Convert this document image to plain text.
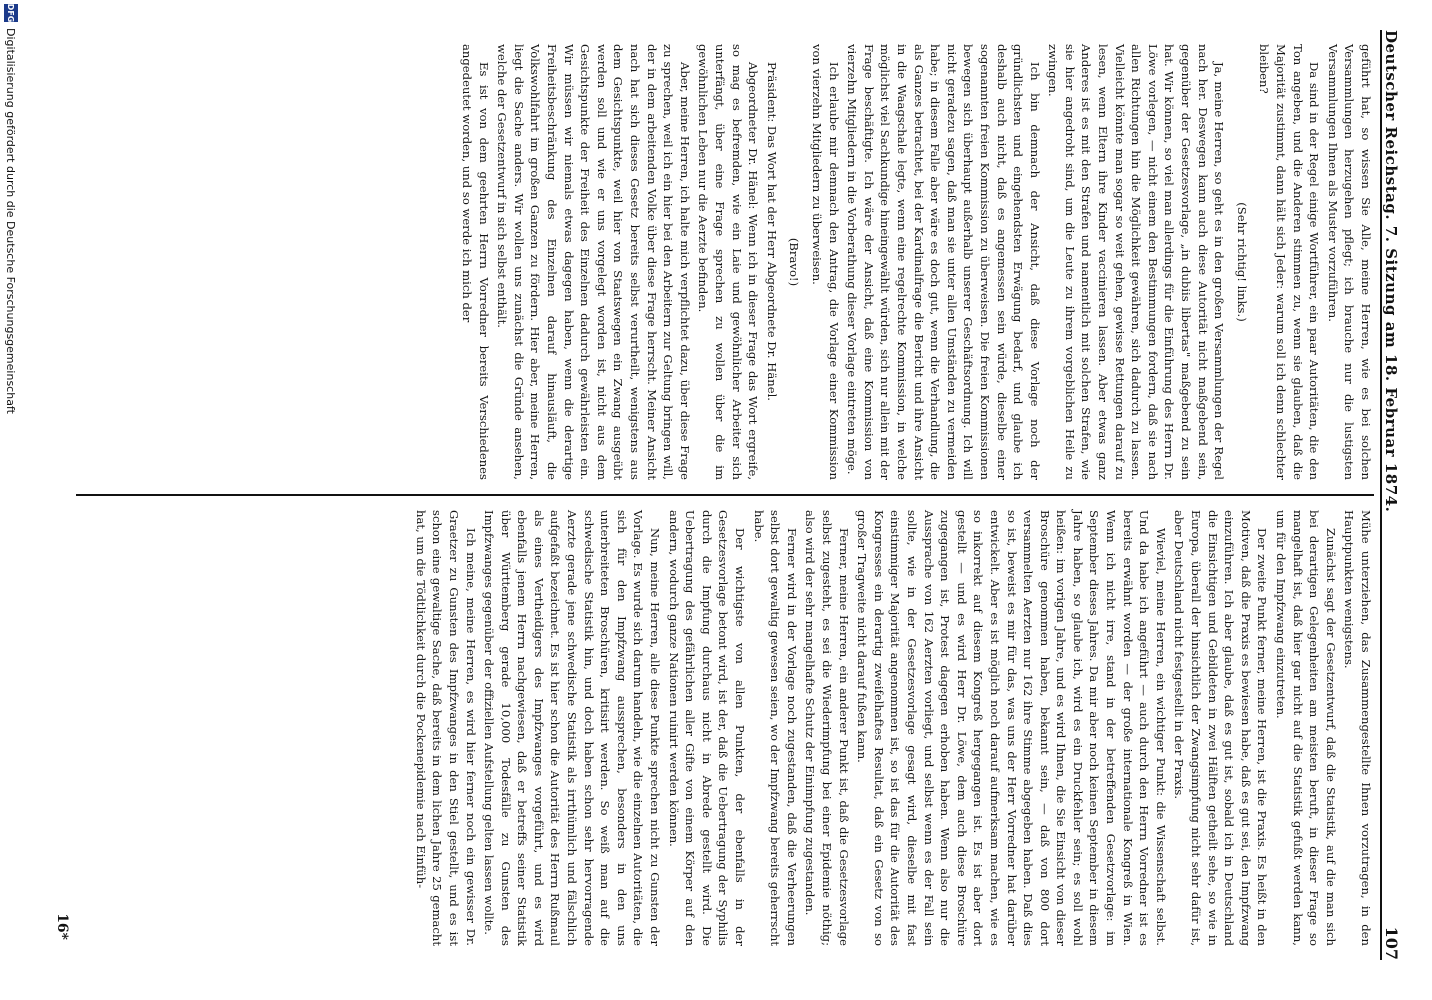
Deutscher Reichstag. 7. Sitzung am 18. Februar 1874.
107

geführt hat, so wissen Sie Alle, meine Herren, wie es bei solchen Versammlungen herzugehen pflegt; ich brauche nur die lustigsten Versammlungen Ihnen als Muster vorzuführen.

Da sind in der Regel einige Wortführer, ein paar Autoritäten, die den Ton angeben, und die Anderen stimmen zu, wenn sie glauben, daß die Majorität zustimmt, dann hält sich Jeder: warum soll ich denn schlechter bleiben?

(Sehr richtig! links.)

Ja, meine Herren, so geht es in den großen Versammlungen der Regel nach her. Deswegen kann auch diese Autorität nicht maßgebend sein, gegenüber der Gesetzesvorlage, „in dubiis libertas" maßgebend zu sein hat. Wir können, so viel man allerdings für die Einführung des Herrn Dr. Löwe vorlegen, — nicht einem den Bestimmungen fordern, daß sie nach allen Richtungen hin die Möglichkeit gewähren, sich dadurch zu lassen. Vielleicht könnte man sogar so weit gehen, gewisse Rettungen darauf zu lesen, wenn Eltern ihre Kinder vaccinieren lassen. Aber etwas ganz Anderes ist es mit den Strafen und namentlich mit solchen Strafen, wie sie hier angedroht sind, um die Leute zu ihrem vorgeblichen Heile zu zwingen.

Ich bin demnach der Ansicht, daß diese Vorlage noch der gründlichsten und eingehendsten Erwägung bedarf, und glaube ich deshalb auch nicht, daß es angemessen sein würde, dieselbe einer sogenannten freien Kommission zu überweisen. Die freien Kommissionen bewegen sich überhaupt außerhalb unserer Geschäftsordnung. Ich will nicht geradezu sagen, daß man sie unter allen Umständen zu vermeiden habe; in diesem Falle aber wäre es doch gut, wenn die Verhandlung, die als Ganzes betrachtet, bei der Kardinalfrage die Bericht und ihre Ansicht in die Waagschale legte, wenn eine regelrechte Kommission, in welche möglichst viel Sachkundige hineingewählt würden, sich nur allein mit der Frage beschäftigte. Ich wäre der Ansicht, daß eine Kommission von vierzehn Mitgliedern in die Vorberathung dieser Vorlage eintreten möge.

Ich erlaube mir demnach den Antrag, die Vorlage einer Kommission von vierzehn Mitgliedern zu überweisen.

(Bravo!)

Präsident: Das Wort hat der Herr Abgeordnete Dr. Hänel.

Abgeordneter Dr. Hänel: Wenn ich in dieser Frage das Wort ergreife, so mag es befremden, wie ein Laie und gewöhnlicher Arbeiter sich unterfängt, über eine Frage sprechen zu wollen über die im gewöhnlichen Leben nur die Aerzte befinden.

Aber, meine Herren, ich halte mich verpflichtet dazu, über diese Frage zu sprechen, weil ich ein hier bei den Arbeitern zur Geltung bringen will, der in dem arbeitenden Volke über diese Frage herrscht. Meiner Ansicht nach hat sich dieses Gesetz bereits selbst verurtheilt, wenigstens aus dem Gesichtspunkte, weil hier von Staatswegen ein Zwang ausgeübt werden soll und wie er uns vorgelegt worden ist, nicht aus dem Gesichtspunkte der Freiheit des Einzelnen dadurch gewährleisten ein. Wir müssen wir niemals etwas dagegen haben, wenn die derartige Freiheitsbeschränkung des Einzelnen darauf hinausläuft, die Volkswohlfahrt im großen Ganzen zu fördern. Hier aber, meine Herren, liegt die Sache anders. Wir wollen uns zunächst die Gründe ansehen, welche der Gesetzentwurf in sich selbst enthält.

Es ist von dem geehrten Herrn Vorredner bereits Verschiedenes angedeutet worden, und so werde ich mich der

Mühe unterziehen, das Zusammengestellte Ihnen vorzutragen, in den Hauptpunkten wenigstens.

Zunächst sagt der Gesetzentwurf, daß die Statistik, auf die man sich bei derartigen Gelegenheiten am meisten beruft, in dieser Frage so mangelhaft ist, daß hier gar nicht auf die Statistik gefußt werden kann, um für den Impfzwang einzutreten.

Der zweite Punkt ferner, meine Herren, ist die Praxis. Es heißt in den Motiven, daß die Praxis es bewiesen habe, daß es gut sei, den Impfzwang einzuführen. Ich aber glaube, daß es gut ist, sobald ich in Deutschland die Einsichtigen und Gebildeten in zwei Hälften getheilt sehe, so wie in Europa, überall der hinsichtlich der Zwangsimpfung nicht sehr dafür ist, aber Deutschland nicht festgestellt in der Praxis.

Wieviel, meine Herren, ein wichtiger Punkt: die Wissenschaft selbst. Und da habe ich angeführt — auch durch den Herrn Vorredner ist es bereits erwähnt worden — der große internationale Kongreß in Wien. Wenn ich nicht irre, stand in der betreffenden Gesetzvorlage: im September dieses Jahres. Da mir aber noch keinen September in diesem Jahre haben, so glaube ich, wird es ein Druckfehler sein; es soll wohl heißen: im vorigen Jahre, und es wird Ihnen, die Sie Einsicht von dieser Broschüre genommen haben, bekannt sein, — daß von 800 dort versammelten Aerzten nur 162 ihre Stimme abgegeben haben. Daß dies so ist, beweist es mir für das, was uns der Herr Vorredner hat darüber entwickelt. Aber es ist möglich noch darauf aufmerksam machen, wie es so inkorrekt auf diesem Kongreß hergegangen ist. Es ist aber dort gestellt — und es wird Herr Dr. Löwe, dem auch diese Broschüre zugegangen ist, Protest dagegen erhoben haben. Wenn also nur die Aussprache von 162 Aerzten vorliegt, und selbst wenn es der Fall sein sollte, wie in der Gesetzesvorlage gesagt wird, dieselbe mit fast einstimmiger Majorität angenommen ist, so ist das für die Autorität des Kongresses ein derartig zweifelhaftes Resultat, daß ein Gesetz von so großer Tragweite nicht darauf fußen kann.

Ferner, meine Herren, ein anderer Punkt ist, daß die Gesetzesvorlage selbst zugesteht, es sei die Wiederimpfung bei einer Epidemie nöthig; also wird der sehr mangelhafte Schutz der Einimpfung zugestanden.

Ferner wird in der Vorlage noch zugestanden, daß die Verheerungen selbst dort gewaltig gewesen seien, wo der Impfzwang bereits geherrscht habe.

Der wichtigste von allen Punkten, der ebenfalls in der Gesetzesvorlage betont wird, ist der, daß die Uebertragung der Syphilis durch die Impfung durchaus nicht in Abrede gestellt wird. Die Uebertragung des gefährlichen aller Gifte von einem Körper auf den andern, wodurch ganze Nationen ruinirt werden können.

Nun, meine Herren, alle diese Punkte sprechen nicht zu Gunsten der Vorlage. Es wurde sich darum handeln, wie die einzelnen Autoritäten, die sich für den Impfzwang aussprechen, besonders in den uns unterbreiteten Broschüren, kritisirt werden. So weiß man auf die schwedische Statistik hin, und doch haben schon sehr hervorragende Aerzte gerade jene schwedische Statistik als irrthümlich und fälschlich aufgefaßt bezeichnet. Es ist hier schon die Autorität des Herrn Rußmaul als eines Vertheidigers des Impfzwanges vorgeführt, und es wird ebenfalls jenem Herrn nachgewiesen, daß er betreffs seiner Statistik über Württemberg gerade 10,000 Todesfälle zu Gunsten des Impfzwanges gegenüber der offiziellen Aufstellung gelten lassen wollte.

Ich meine, meine Herren, es wird hier ferner noch ein gewisser Dr. Graetzer zu Gunsten des Impfzwanges in den Stiel gestellt, und es ist schon eine gewaltige Sache, daß bereits in dem lichen Jahre 25 gemacht hat, um die Tödtlichkeit durch die Pockenepidemie nach Einfüh-

16*
DFG
Digitalisierung gefördert durch die Deutsche Forschungsgemeinschaft
